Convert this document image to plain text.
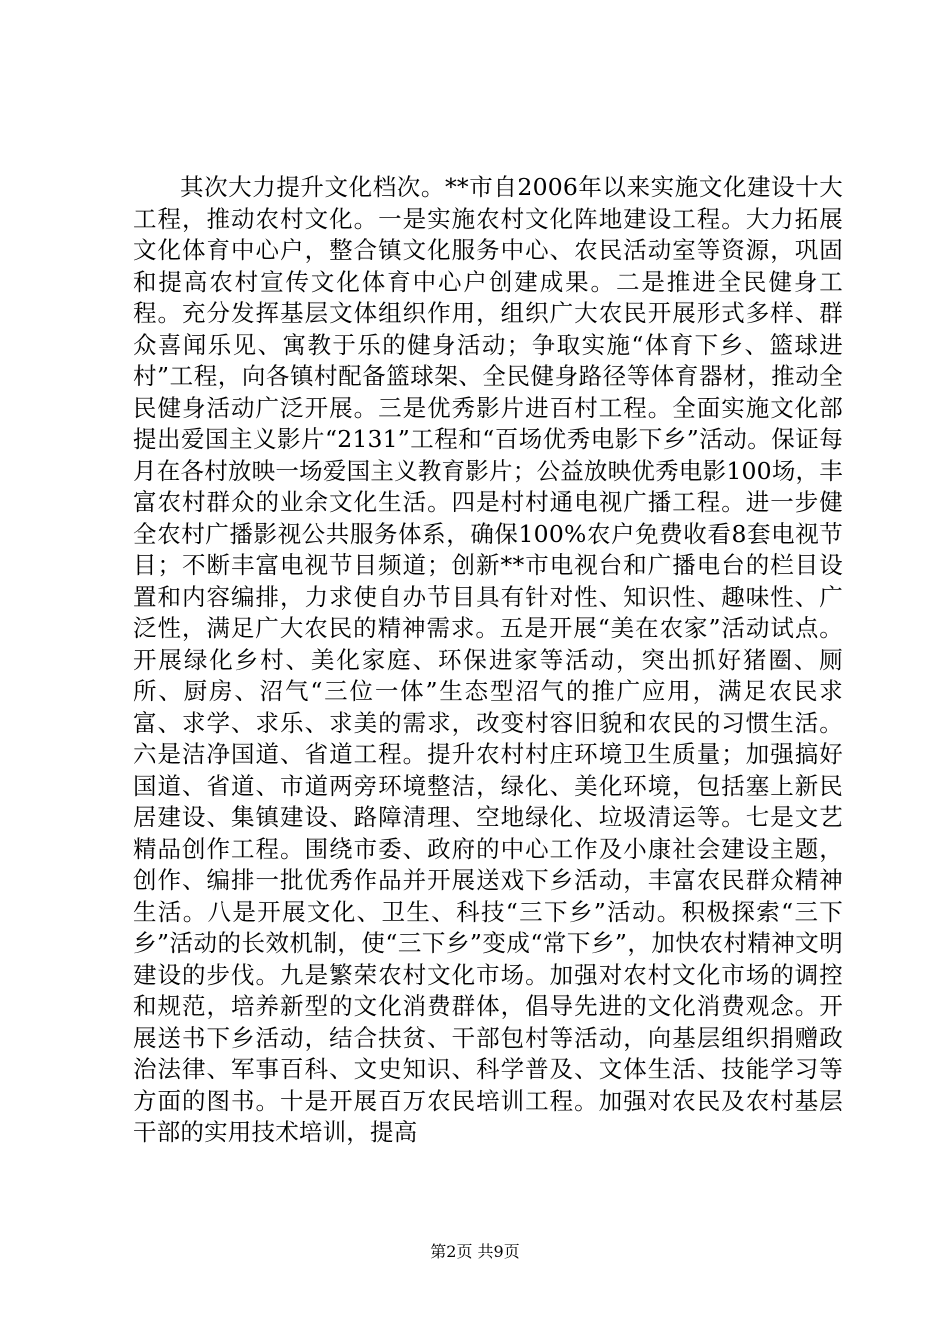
其次大力提升文化档次。**市自2006年以来实施文化建设十大工程，推动农村文化。一是实施农村文化阵地建设工程。大力拓展文化体育中心户，整合镇文化服务中心、农民活动室等资源，巩固和提高农村宣传文化体育中心户创建成果。二是推进全民健身工程。充分发挥基层文体组织作用，组织广大农民开展形式多样、群众喜闻乐见、寓教于乐的健身活动；争取实施“体育下乡、篮球进村”工程，向各镇村配备篮球架、全民健身路径等体育器材，推动全民健身活动广泛开展。三是优秀影片进百村工程。全面实施文化部提出爱国主义影片“2131”工程和“百场优秀电影下乡”活动。保证每月在各村放映一场爱国主义教育影片；公益放映优秀电影100场，丰富农村群众的业余文化生活。四是村村通电视广播工程。进一步健全农村广播影视公共服务体系，确保100%农户免费收看8套电视节目；不断丰富电视节目频道；创新**市电视台和广播电台的栏目设置和内容编排，力求使自办节目具有针对性、知识性、趣味性、广泛性，满足广大农民的精神需求。五是开展“美在农家”活动试点。开展绿化乡村、美化家庭、环保进家等活动，突出抓好猪圈、厕所、厨房、沼气“三位一体”生态型沼气的推广应用，满足农民求富、求学、求乐、求美的需求，改变村容旧貌和农民的习惯生活。六是洁净国道、省道工程。提升农村村庄环境卫生质量；加强搞好国道、省道、市道两旁环境整洁，绿化、美化环境，包括塞上新民居建设、集镇建设、路障清理、空地绿化、垃圾清运等。七是文艺精品创作工程。围绕市委、政府的中心工作及小康社会建设主题，创作、编排一批优秀作品并开展送戏下乡活动，丰富农民群众精神生活。八是开展文化、卫生、科技“三下乡”活动。积极探索“三下乡”活动的长效机制，使“三下乡”变成“常下乡”，加快农村精神文明建设的步伐。九是繁荣农村文化市场。加强对农村文化市场的调控和规范，培养新型的文化消费群体，倡导先进的文化消费观念。开展送书下乡活动，结合扶贫、干部包村等活动，向基层组织捐赠政治法律、军事百科、文史知识、科学普及、文体生活、技能学习等方面的图书。十是开展百万农民培训工程。加强对农民及农村基层干部的实用技术培训，提高

第2页 共9页
